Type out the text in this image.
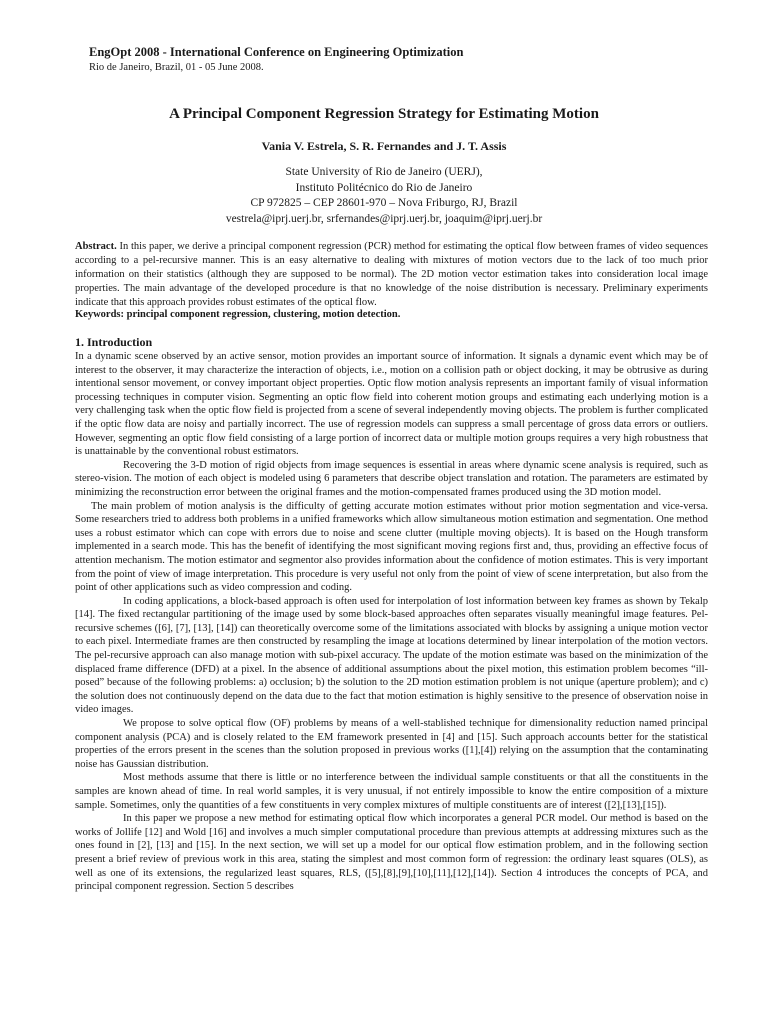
EngOpt 2008 - International Conference on Engineering Optimization

Rio de Janeiro, Brazil, 01 - 05 June 2008.

A Principal Component Regression Strategy for Estimating Motion

Vania V. Estrela, S. R. Fernandes and J. T. Assis

State University of Rio de Janeiro (UERJ),
Instituto Politécnico do Rio de Janeiro
CP 972825 – CEP 28601-970 – Nova Friburgo, RJ, Brazil
vestrela@iprj.uerj.br, srfernandes@iprj.uerj.br, joaquim@iprj.uerj.br

Abstract. In this paper, we derive a principal component regression (PCR) method for estimating the optical flow between frames of video sequences according to a pel-recursive manner. This is an easy alternative to dealing with mixtures of motion vectors due to the lack of too much prior information on their statistics (although they are supposed to be normal). The 2D motion vector estimation takes into consideration local image properties. The main advantage of the developed procedure is that no knowledge of the noise distribution is necessary. Preliminary experiments indicate that this approach provides robust estimates of the optical flow.

Keywords: principal component regression, clustering, motion detection.

1. Introduction

In a dynamic scene observed by an active sensor, motion provides an important source of information. It signals a dynamic event which may be of interest to the observer, it may characterize the interaction of objects, i.e., motion on a collision path or object docking, it may be obtrusive as during intentional sensor movement, or convey important object properties. Optic flow motion analysis represents an important family of visual information processing techniques in computer vision. Segmenting an optic flow field into coherent motion groups and estimating each underlying motion is a very challenging task when the optic flow field is projected from a scene of several independently moving objects. The problem is further complicated if the optic flow data are noisy and partially incorrect. The use of regression models can suppress a small percentage of gross data errors or outliers. However, segmenting an optic flow field consisting of a large portion of incorrect data or multiple motion groups requires a very high robustness that is unattainable by the conventional robust estimators.

Recovering the 3-D motion of rigid objects from image sequences is essential in areas where dynamic scene analysis is required, such as stereo-vision. The motion of each object is modeled using 6 parameters that describe object translation and rotation. The parameters are estimated by minimizing the reconstruction error between the original frames and the motion-compensated frames produced using the 3D motion model.

The main problem of motion analysis is the difficulty of getting accurate motion estimates without prior motion segmentation and vice-versa. Some researchers tried to address both problems in a unified frameworks which allow simultaneous motion estimation and segmentation. One method uses a robust estimator which can cope with errors due to noise and scene clutter (multiple moving objects). It is based on the Hough transform implemented in a search mode. This has the benefit of identifying the most significant moving regions first and, thus, providing an effective focus of attention mechanism. The motion estimator and segmentor also provides information about the confidence of motion estimates. This is very important from the point of view of image interpretation. This procedure is very useful not only from the point of view of scene interpretation, but also from the point of other applications such as video compression and coding.

In coding applications, a block-based approach is often used for interpolation of lost information between key frames as shown by Tekalp [14]. The fixed rectangular partitioning of the image used by some block-based approaches often separates visually meaningful image features. Pel-recursive schemes ([6], [7], [13], [14]) can theoretically overcome some of the limitations associated with blocks by assigning a unique motion vector to each pixel. Intermediate frames are then constructed by resampling the image at locations determined by linear interpolation of the motion vectors. The pel-recursive approach can also manage motion with sub-pixel accuracy. The update of the motion estimate was based on the minimization of the displaced frame difference (DFD) at a pixel. In the absence of additional assumptions about the pixel motion, this estimation problem becomes “ill-posed” because of the following problems: a) occlusion; b) the solution to the 2D motion estimation problem is not unique (aperture problem); and c) the solution does not continuously depend on the data due to the fact that motion estimation is highly sensitive to the presence of observation noise in video images.

We propose to solve optical flow (OF) problems by means of a well-stablished technique for dimensionality reduction named principal component analysis (PCA) and is closely related to the EM framework presented in [4] and [15]. Such approach accounts better for the statistical properties of the errors present in the scenes than the solution proposed in previous works ([1],[4]) relying on the assumption that the contaminating noise has Gaussian distribution.

Most methods assume that there is little or no interference between the individual sample constituents or that all the constituents in the samples are known ahead of time. In real world samples, it is very unusual, if not entirely impossible to know the entire composition of a mixture sample. Sometimes, only the quantities of a few constituents in very complex mixtures of multiple constituents are of interest ([2],[13],[15]).

In this paper we propose a new method for estimating optical flow which incorporates a general PCR model. Our method is based on the works of Jollife [12] and Wold [16] and involves a much simpler computational procedure than previous attempts at addressing mixtures such as the ones found in [2], [13] and [15]. In the next section, we will set up a model for our optical flow estimation problem, and in the following section present a brief review of previous work in this area, stating the simplest and most common form of regression: the ordinary least squares (OLS), as well as one of its extensions, the regularized least squares, RLS, ([5],[8],[9],[10],[11],[12],[14]). Section 4 introduces the concepts of PCA, and principal component regression. Section 5 describes
